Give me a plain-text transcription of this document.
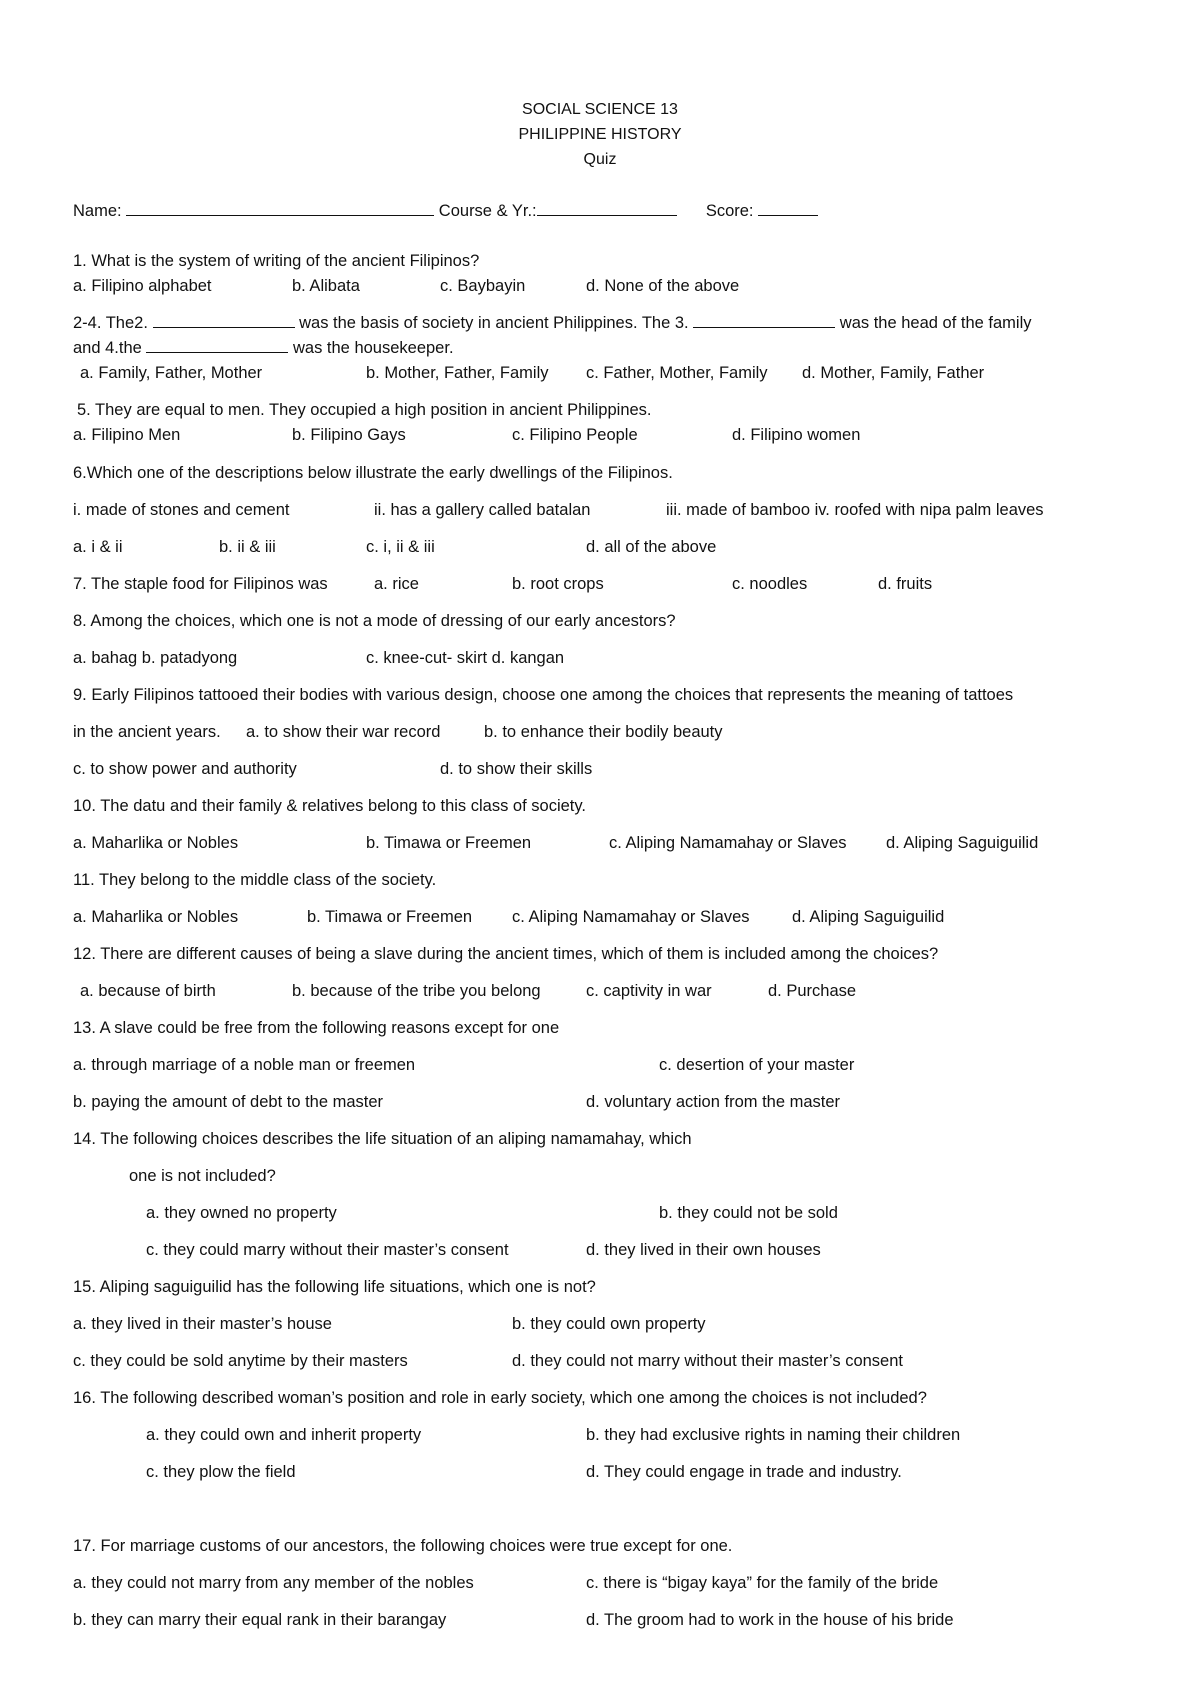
SOCIAL SCIENCE 13
PHILIPPINE HISTORY
Quiz
Name:	Course & Yr.:	Score:
1. What is the system of writing of the ancient Filipinos?
a. Filipino alphabet	b. Alibata	c. Baybayin	d. None of the above
2-4. The2.	was the basis of society in ancient Philippines. The 3.	was the head of the family
and 4.the	was the housekeeper.
a. Family, Father, Mother	b. Mother, Father, Family c. Father, Mother, Family d. Mother, Family, Father
5. They are equal to men. They occupied a high position in ancient Philippines.
a. Filipino Men	b. Filipino Gays	c. Filipino People	d. Filipino women
6.Which one of the descriptions below illustrate the early dwellings of the Filipinos.
i. made of stones and cement	ii. has a gallery called batalan	iii. made of bamboo iv. roofed with nipa palm leaves
a. i & ii	b. ii & iii	c. i, ii & iii	d. all of the above
7. The staple food for Filipinos was	a. rice	b. root crops	c. noodles	d. fruits
8. Among the choices, which one is not a mode of dressing of our early ancestors?
a. bahag b. patadyong	c. knee-cut- skirt d. kangan
9. Early Filipinos tattooed their bodies with various design, choose one among the choices that represents the meaning of tattoes
in the ancient years. a. to show their war record	b. to enhance their bodily beauty
c. to show power and authority	d. to show their skills
10. The datu and their family & relatives belong to this class of society.
a. Maharlika or Nobles	b. Timawa or Freemen	c. Aliping Namamahay or Slaves d. Aliping Saguiguilid
11. They belong to the middle class of the society.
a. Maharlika or Nobles	b. Timawa or Freemen c. Aliping Namamahay or Slaves	d. Aliping Saguiguilid
12. There are different causes of being a slave during the ancient times, which of them is included among the choices?
a. because of birth	b. because of the tribe you belong	c. captivity in war	d. Purchase
13. A slave could be free from the following reasons except for one
a. through marriage of a noble man or freemen	c. desertion of your master
b. paying the amount of debt to the master	d. voluntary action from the master
14. The following choices describes the life situation of an aliping namamahay, which
one is not included?
a. they owned no property	b. they could not be sold
c. they could marry without their master’s consent	d. they lived in their own houses
15. Aliping saguiguilid has the following life situations, which one is not?
a. they lived in their master’s house	b. they could own property
c. they could be sold anytime by their masters	d. they could not marry without their master’s consent
16. The following described woman’s position and role in early society, which one among the choices is not included?
a. they could own and inherit property	b. they had exclusive rights in naming their children
c. they plow the field	d. They could engage in trade and industry.
17. For marriage customs of our ancestors, the following choices were true except for one.
a. they could not marry from any member of the nobles	c. there is “bigay kaya” for the family of the bride
b. they can marry their equal rank in their barangay	d. The groom had to work in the house of his bride
